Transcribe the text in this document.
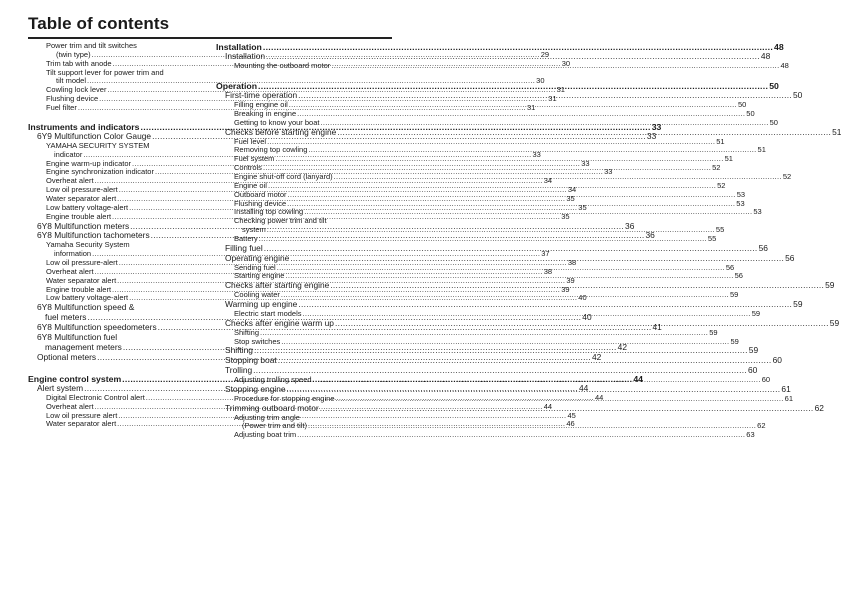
Table of contents
Power trim and tilt switches
(twin type) .....	29
Trim tab with anode .....	30
Tilt support lever for power trim and
tilt model .....	30
Cowling lock lever .....	31
Flushing device .....	31
Fuel filter .....	31
Instruments and indicators .....	33
6Y9 Multifunction Color Gauge .....	33
YAMAHA SECURITY SYSTEM
indicator .....	33
Engine warm-up indicator .....	33
Engine synchronization indicator .....	33
Overheat alert .....	34
Low oil pressure-alert .....	34
Water separator alert .....	35
Low battery voltage-alert .....	35
Engine trouble alert .....	35
6Y8 Multifunction meters .....	36
6Y8 Multifunction tachometers .....	36
Yamaha Security System
information .....	37
Low oil pressure-alert .....	38
Overheat alert .....	38
Water separator alert .....	39
Engine trouble alert .....	39
Low battery voltage-alert .....	40
6Y8 Multifunction speed &
fuel meters .....	40
6Y8 Multifunction speedometers .....	41
6Y8 Multifunction fuel
management meters .....	42
Optional meters .....	42
Engine control system .....	44
Alert system .....	44
Digital Electronic Control alert .....	44
Overheat alert .....	44
Low oil pressure alert .....	45
Water separator alert .....	46
Installation .....	48
Installation .....	48
Mounting the outboard motor .....	48
Operation .....	50
First-time operation .....	50
Filling engine oil .....	50
Breaking in engine .....	50
Getting to know your boat .....	50
Checks before starting engine .....	51
Fuel level .....	51
Removing top cowling .....	51
Fuel system .....	51
Controls .....	52
Engine shut-off cord (lanyard) .....	52
Engine oil .....	52
Outboard motor .....	53
Flushing device .....	53
Installing top cowling .....	53
Checking power trim and tilt
system .....	55
Battery .....	55
Filling fuel .....	56
Operating engine .....	56
Sending fuel .....	56
Starting engine .....	56
Checks after starting engine .....	59
Cooling water .....	59
Warming up engine .....	59
Electric start models .....	59
Checks after engine warm up .....	59
Shifting .....	59
Stop switches .....	59
Shifting .....	59
Stopping boat .....	60
Trolling .....	60
Adjusting trolling speed .....	60
Stopping engine .....	61
Procedure for stopping engine .....	61
Trimming outboard motor .....	62
Adjusting trim angle
(Power trim and tilt) .....	62
Adjusting boat trim .....	63
